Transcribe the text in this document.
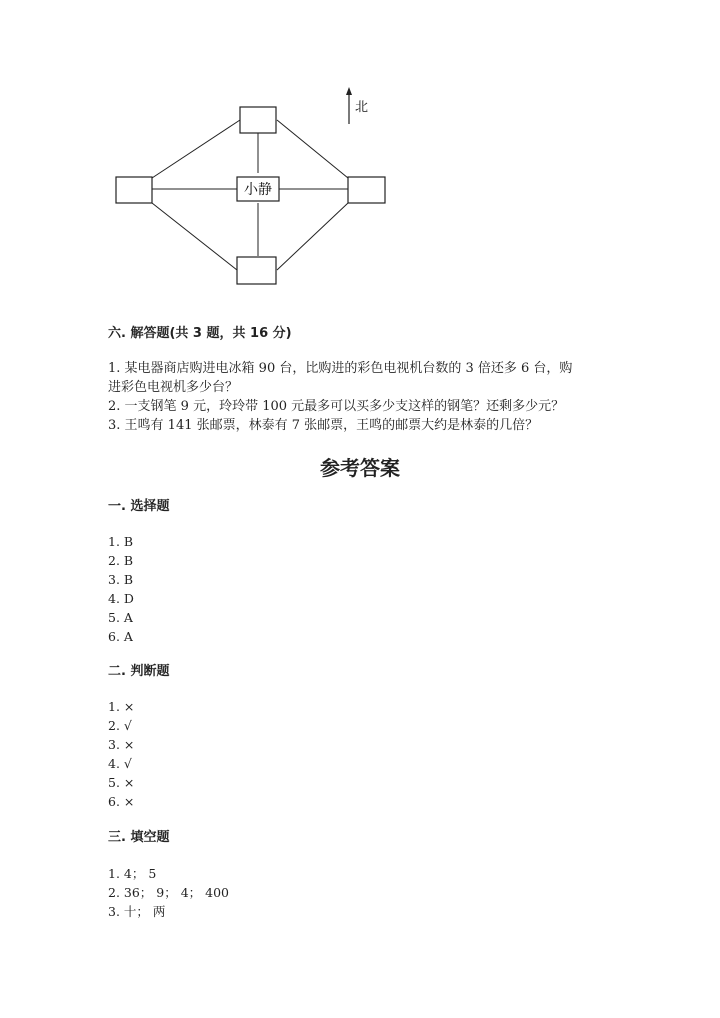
小静
北
六. 解答题(共 3 题，共 16 分)
1. 某电器商店购进电冰箱 90 台，比购进的彩色电视机台数的 3 倍还多 6 台，购
进彩色电视机多少台？
2. 一支钢笔 9 元，玲玲带 100 元最多可以买多少支这样的钢笔？还剩多少元？
3. 王鸣有 141 张邮票，林泰有 7 张邮票，王鸣的邮票大约是林泰的几倍？
参考答案
一. 选择题
1. B
2. B
3. B
4. D
5. A
6. A
二. 判断题
1. ×
2. √
3. ×
4. √
5. ×
6. ×
三. 填空题
1. 4； 5
2. 36； 9； 4； 400
3. 十； 两
